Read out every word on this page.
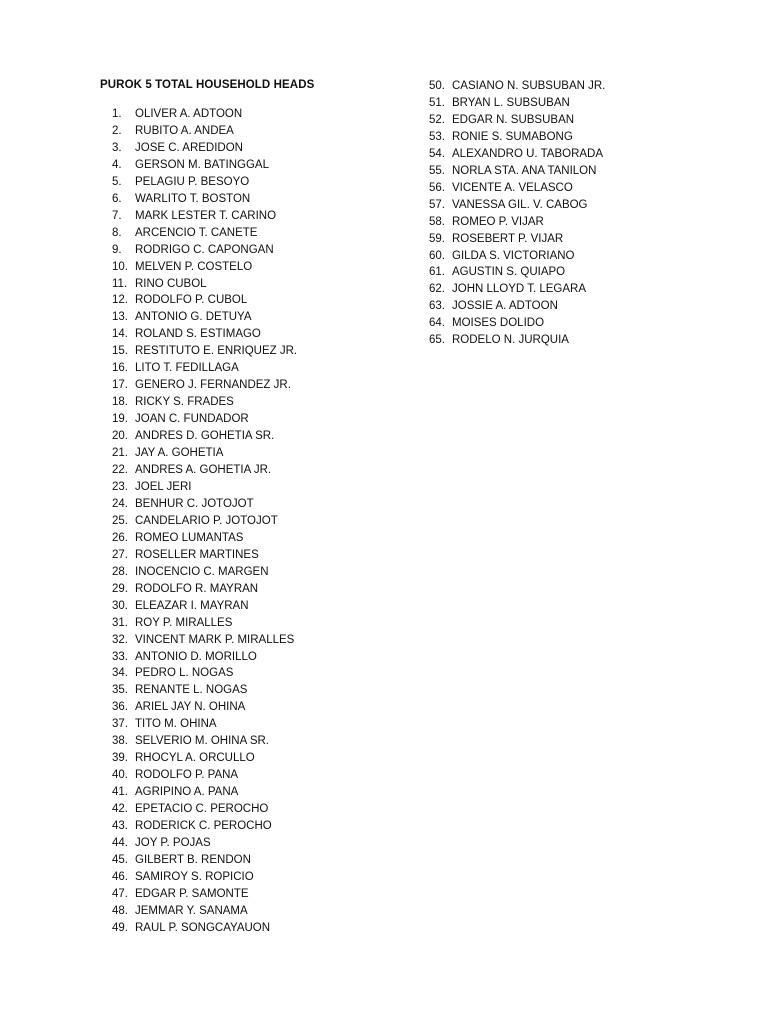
PUROK 5 TOTAL HOUSEHOLD HEADS
1. OLIVER A. ADTOON
2. RUBITO A. ANDEA
3. JOSE C. AREDIDON
4. GERSON M. BATINGGAL
5. PELAGIU P. BESOYO
6. WARLITO T. BOSTON
7. MARK LESTER T. CARINO
8. ARCENCIO T. CANETE
9. RODRIGO C. CAPONGAN
10. MELVEN P. COSTELO
11. RINO CUBOL
12. RODOLFO P. CUBOL
13. ANTONIO G. DETUYA
14. ROLAND S. ESTIMAGO
15. RESTITUTO E. ENRIQUEZ JR.
16. LITO T. FEDILLAGA
17. GENERO J. FERNANDEZ JR.
18. RICKY S. FRADES
19. JOAN C. FUNDADOR
20. ANDRES D. GOHETIA SR.
21. JAY A. GOHETIA
22. ANDRES A. GOHETIA JR.
23. JOEL JERI
24. BENHUR C. JOTOJOT
25. CANDELARIO P. JOTOJOT
26. ROMEO LUMANTAS
27. ROSELLER MARTINES
28. INOCENCIO C. MARGEN
29. RODOLFO R. MAYRAN
30. ELEAZAR I. MAYRAN
31. ROY P. MIRALLES
32. VINCENT MARK P. MIRALLES
33. ANTONIO D. MORILLO
34. PEDRO L. NOGAS
35. RENANTE L. NOGAS
36. ARIEL JAY N. OHINA
37. TITO M. OHINA
38. SELVERIO M. OHINA SR.
39. RHOCYL A. ORCULLO
40. RODOLFO P. PANA
41. AGRIPINO A. PANA
42. EPETACIO C. PEROCHO
43. RODERICK C. PEROCHO
44. JOY P. POJAS
45. GILBERT B. RENDON
46. SAMIROY S. ROPICIO
47. EDGAR P. SAMONTE
48. JEMMAR Y. SANAMA
49. RAUL P. SONGCAYAUON
50. CASIANO N. SUBSUBAN JR.
51. BRYAN L. SUBSUBAN
52. EDGAR N. SUBSUBAN
53. RONIE S. SUMABONG
54. ALEXANDRO U. TABORADA
55. NORLA STA. ANA TANILON
56. VICENTE A. VELASCO
57. VANESSA GIL. V. CABOG
58. ROMEO P. VIJAR
59. ROSEBERT P. VIJAR
60. GILDA S. VICTORIANO
61. AGUSTIN S. QUIAPO
62. JOHN LLOYD T. LEGARA
63. JOSSIE A. ADTOON
64. MOISES DOLIDO
65. RODELO N. JURQUIA
